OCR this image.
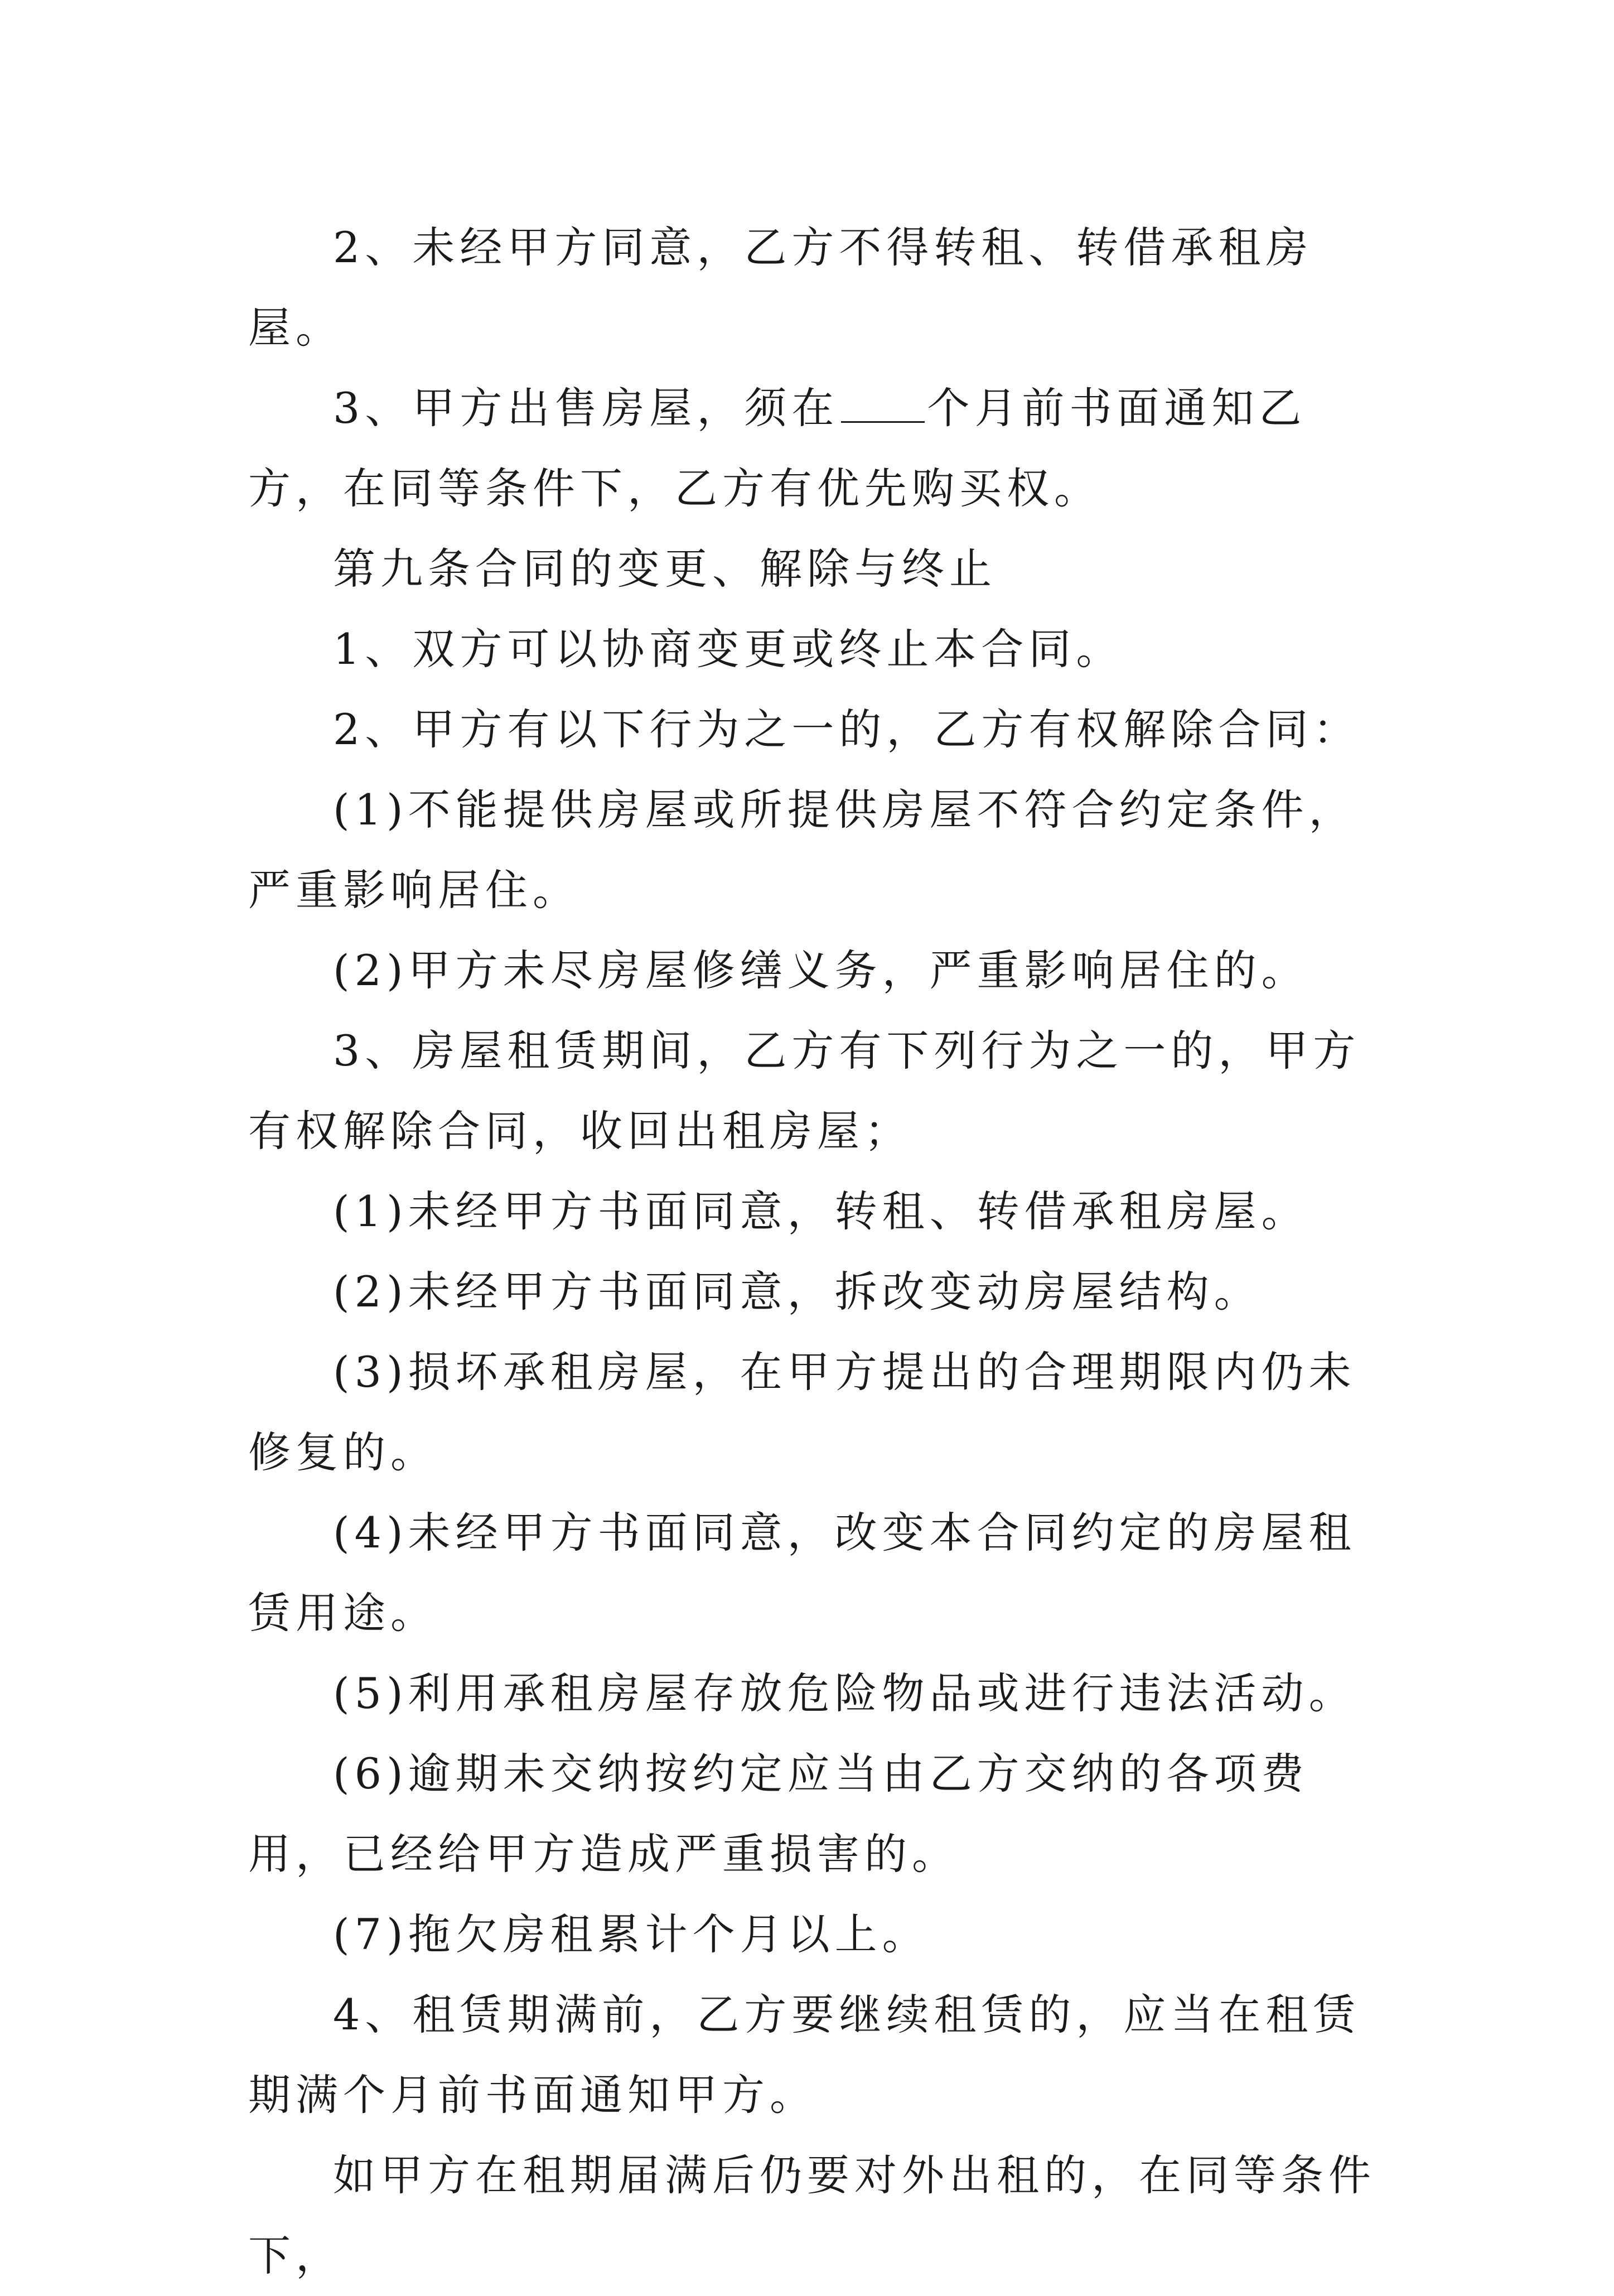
2、未经甲方同意，乙方不得转租、转借承租房屋。

3、甲方出售房屋，须在 个月前书面通知乙方，在同等条件下，乙方有优先购买权。

第九条合同的变更、解除与终止

1、双方可以协商变更或终止本合同。

2、甲方有以下行为之一的，乙方有权解除合同：

(1)不能提供房屋或所提供房屋不符合约定条件，严重影响居住。

(2)甲方未尽房屋修缮义务，严重影响居住的。

3、房屋租赁期间，乙方有下列行为之一的，甲方有权解除合同，收回出租房屋；

(1)未经甲方书面同意，转租、转借承租房屋。

(2)未经甲方书面同意，拆改变动房屋结构。

(3)损坏承租房屋，在甲方提出的合理期限内仍未修复的。

(4)未经甲方书面同意，改变本合同约定的房屋租赁用途。

(5)利用承租房屋存放危险物品或进行违法活动。

(6)逾期未交纳按约定应当由乙方交纳的各项费用，已经给甲方造成严重损害的。

(7)拖欠房租累计个月以上。

4、租赁期满前，乙方要继续租赁的，应当在租赁期满个月前书面通知甲方。

如甲方在租期届满后仍要对外出租的，在同等条件下，
